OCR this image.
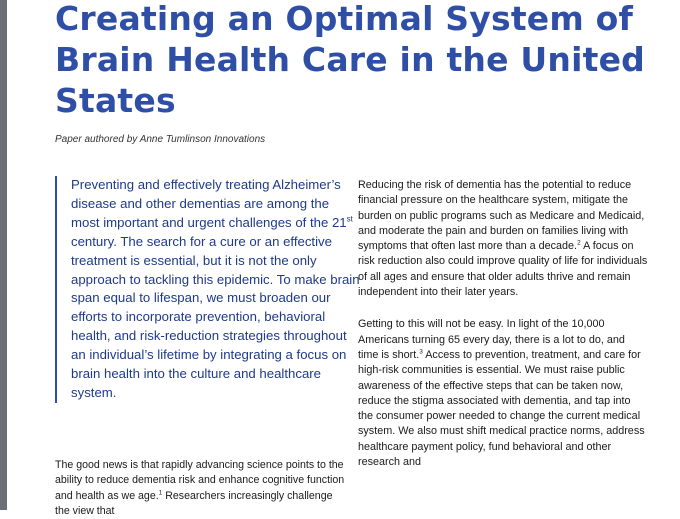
Creating an Optimal System of Brain Health Care in the United States

Paper authored by Anne Tumlinson Innovations

Preventing and effectively treating Alzheimer’s disease and other dementias are among the most important and urgent challenges of the 21st century. The search for a cure or an effective treatment is essential, but it is not the only approach to tackling this epidemic. To make brain span equal to lifespan, we must broaden our efforts to incorporate prevention, behavioral health, and risk-reduction strategies throughout an individual’s lifetime by integrating a focus on brain health into the culture and healthcare system.

The good news is that rapidly advancing science points to the ability to reduce dementia risk and enhance cognitive function and health as we age.$^1$ Researchers increasingly challenge the view that

Reducing the risk of dementia has the potential to reduce financial pressure on the healthcare system, mitigate the burden on public programs such as Medicare and Medicaid, and moderate the pain and burden on families living with symptoms that often last more than a decade.$^2$ A focus on risk reduction also could improve quality of life for individuals of all ages and ensure that older adults thrive and remain independent into their later years.

Getting to this will not be easy. In light of the 10,000 Americans turning 65 every day, there is a lot to do, and time is short.$^3$ Access to prevention, treatment, and care for high-risk communities is essential. We must raise public awareness of the effective steps that can be taken now, reduce the stigma associated with dementia, and tap into the consumer power needed to change the current medical system. We also must shift medical practice norms, address healthcare payment policy, fund behavioral and other research and
